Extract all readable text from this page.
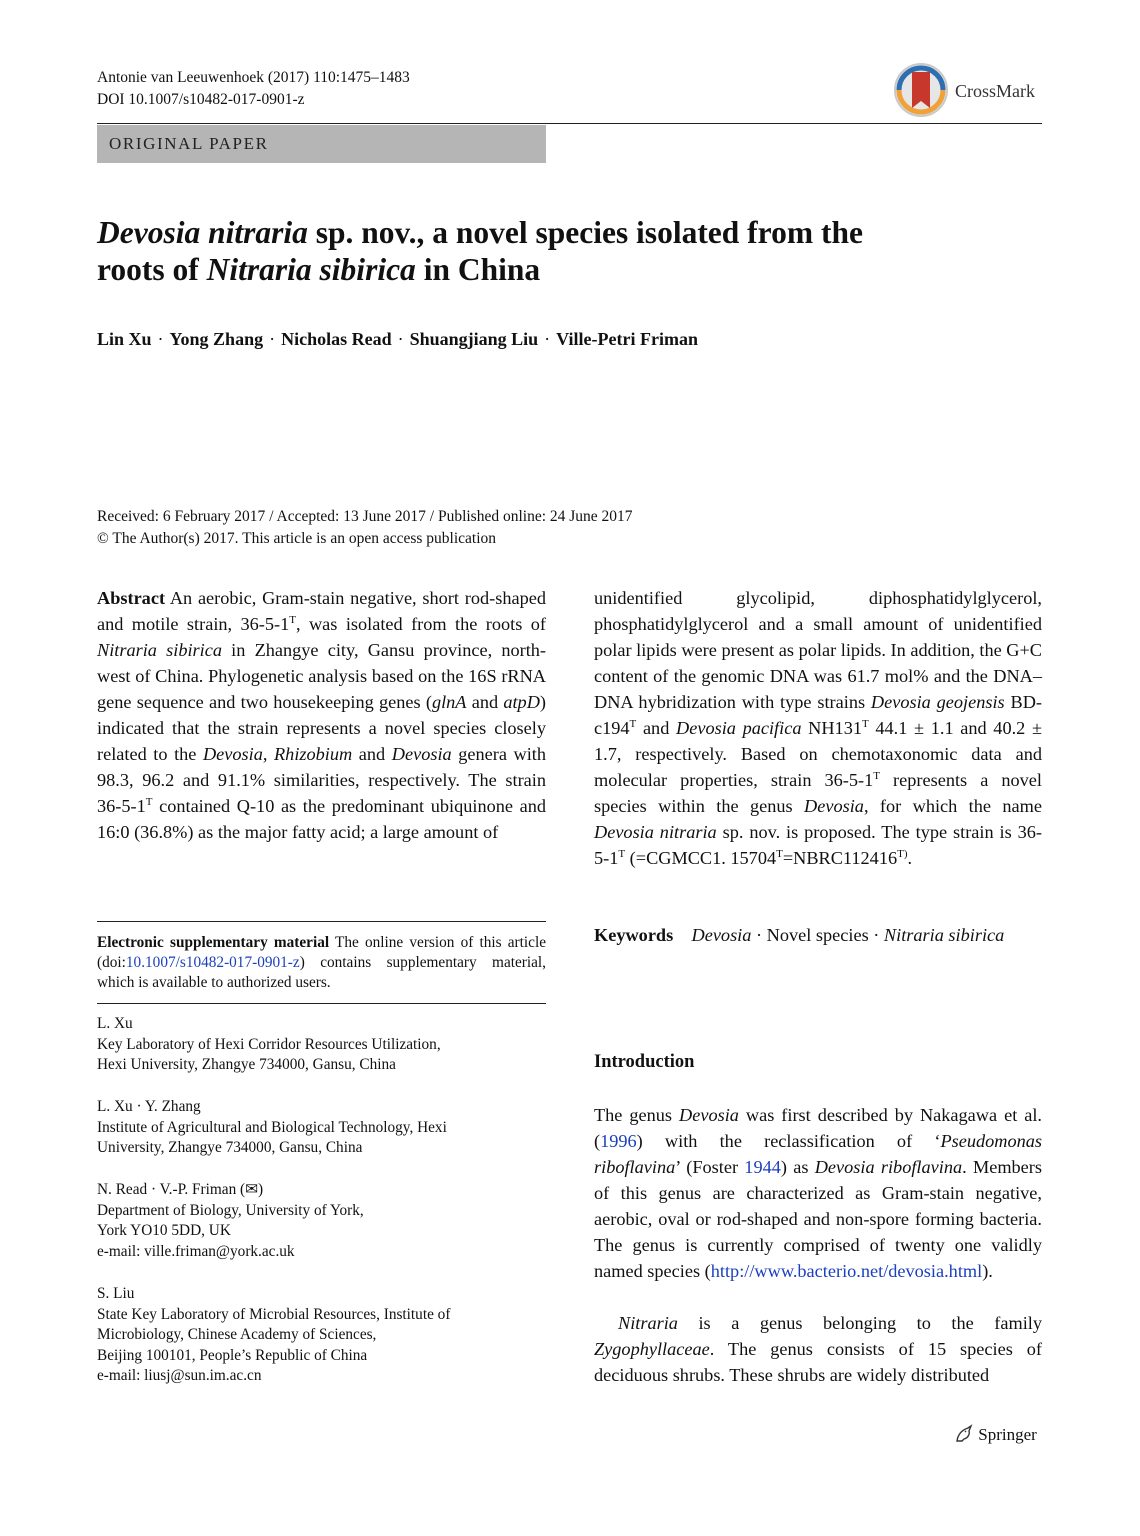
Antonie van Leeuwenhoek (2017) 110:1475–1483
DOI 10.1007/s10482-017-0901-z	CrossMark
ORIGINAL PAPER
Devosia nitraria sp. nov., a novel species isolated from the roots of Nitraria sibirica in China
Lin Xu · Yong Zhang · Nicholas Read · Shuangjiang Liu · Ville-Petri Friman
Received: 6 February 2017 / Accepted: 13 June 2017 / Published online: 24 June 2017
© The Author(s) 2017. This article is an open access publication

Abstract An aerobic, Gram-stain negative, short rod-shaped and motile strain, $36-5-1^T$, was isolated from the roots of Nitraria sibirica in Zhangye city, Gansu province, north-west of China. Phylogenetic analysis based on the 16S rRNA gene sequence and two housekeeping genes (glnA and atpD) indicated that the strain represents a novel species closely related to the Devosia, Rhizobium and Devosia genera with 98.3, 96.2 and 91.1% similarities, respectively. The strain $36-5-1^T$ contained Q-10 as the predominant ubiquinone and 16:0 (36.8%) as the major fatty acid; a large amount of

unidentified glycolipid, diphosphatidylglycerol, phosphatidylglycerol and a small amount of unidentified polar lipids were present as polar lipids. In addition, the G+C content of the genomic DNA was 61.7 mol% and the DNA–DNA hybridization with type strains Devosia geojensis $BD-c194^T$ and Devosia pacifica $NH131^T$ 44.1 ± 1.1 and 40.2 ± 1.7, respectively. Based on chemotaxonomic data and molecular properties, strain $36-5-1^T$ represents a novel species within the genus Devosia, for which the name Devosia nitraria sp. nov. is proposed. The type strain is $36-5-1^T$ (=CGMCC1. $15704^T=NBRC112416^{T)}$.

Electronic supplementary material The online version of this article (doi:10.1007/s10482-017-0901-z) contains supplementary material, which is available to authorized users.
L. Xu
Key Laboratory of Hexi Corridor Resources Utilization,
Hexi University, Zhangye 734000, Gansu, China
L. Xu · Y. Zhang
Institute of Agricultural and Biological Technology, Hexi
University, Zhangye 734000, Gansu, China
N. Read · V.-P. Friman (✉)
Department of Biology, University of York,
York YO10 5DD, UK
e-mail: ville.friman@york.ac.uk
S. Liu
State Key Laboratory of Microbial Resources, Institute of
Microbiology, Chinese Academy of Sciences,
Beijing 100101, People’s Republic of China
e-mail: liusj@sun.im.ac.cn
Keywords Devosia · Novel species · Nitraria sibirica
Introduction

The genus Devosia was first described by Nakagawa et al. (1996) with the reclassification of ‘Pseudomonas riboflavina’ (Foster 1944) as Devosia riboflavina. Members of this genus are characterized as Gram-stain negative, aerobic, oval or rod-shaped and non-spore forming bacteria. The genus is currently comprised of twenty one validly named species (http://www.bacterio.net/devosia.html).

Nitraria is a genus belonging to the family Zygophyllaceae. The genus consists of 15 species of deciduous shrubs. These shrubs are widely distributed

Springer
